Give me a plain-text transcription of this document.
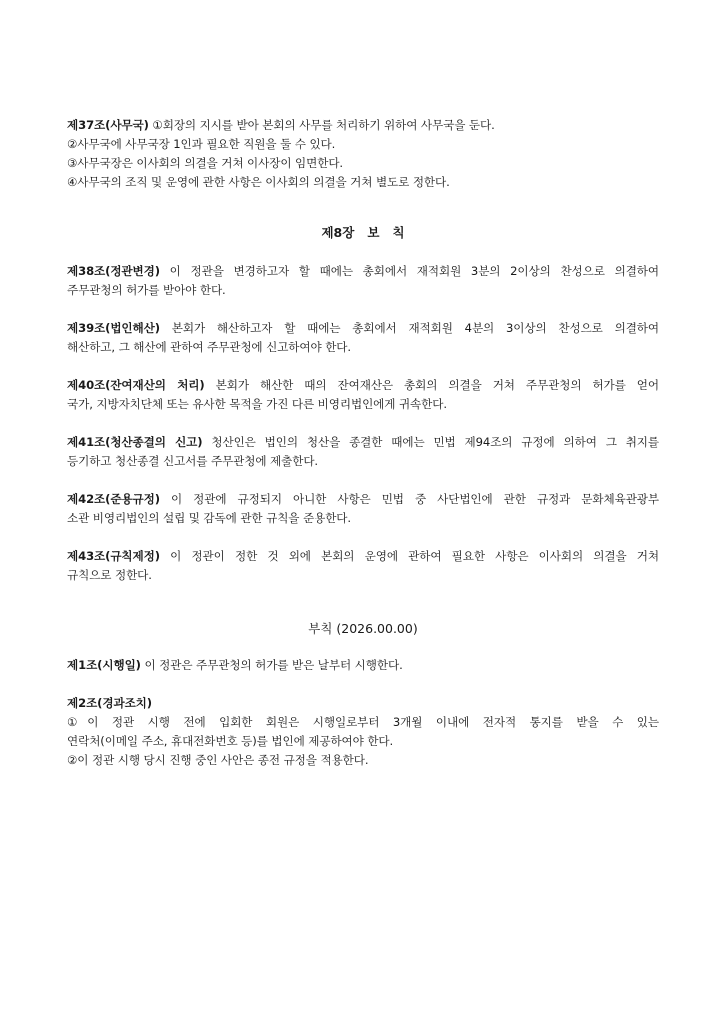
제37조(사무국) ①회장의 지시를 받아 본회의 사무를 처리하기 위하여 사무국을 둔다.
②사무국에 사무국장 1인과 필요한 직원을 둘 수 있다.
③사무국장은 이사회의 의결을 거쳐 이사장이 임면한다.
④사무국의 조직 및 운영에 관한 사항은 이사회의 의결을 거쳐 별도로 정한다.
제8장   보   칙
제38조(정관변경) 이 정관을 변경하고자 할 때에는 총회에서 재적회원 3분의 2이상의 찬성으로 의결하여
주무관청의 허가를 받아야 한다.
제39조(법인해산) 본회가 해산하고자 할 때에는 총회에서 재적회원 4분의 3이상의 찬성으로 의결하여
해산하고, 그 해산에 관하여 주무관청에 신고하여야 한다.
제40조(잔여재산의 처리) 본회가 해산한 때의 잔여재산은 총회의 의결을 거쳐 주무관청의 허가를 얻어
국가, 지방자치단체 또는 유사한 목적을 가진 다른 비영리법인에게 귀속한다.
제41조(청산종결의 신고) 청산인은 법인의 청산을 종결한 때에는 민법 제94조의 규정에 의하여 그 취지를
등기하고 청산종결 신고서를 주무관청에 제출한다.
제42조(준용규정) 이 정관에 규정되지 아니한 사항은 민법 중 사단법인에 관한 규정과 문화체육관광부
소관 비영리법인의 설립 및 감독에 관한 규칙을 준용한다.
제43조(규칙제정) 이 정관이 정한 것 외에 본회의 운영에 관하여 필요한 사항은 이사회의 의결을 거쳐
규칙으로 정한다.
부칙 (2026.00.00)
제1조(시행일) 이 정관은 주무관청의 허가를 받은 날부터 시행한다.
제2조(경과조치)
①이 정관 시행 전에 입회한 회원은 시행일로부터 3개월 이내에 전자적 통지를 받을 수 있는
연락처(이메일 주소, 휴대전화번호 등)를 법인에 제공하여야 한다.
②이 정관 시행 당시 진행 중인 사안은 종전 규정을 적용한다.
